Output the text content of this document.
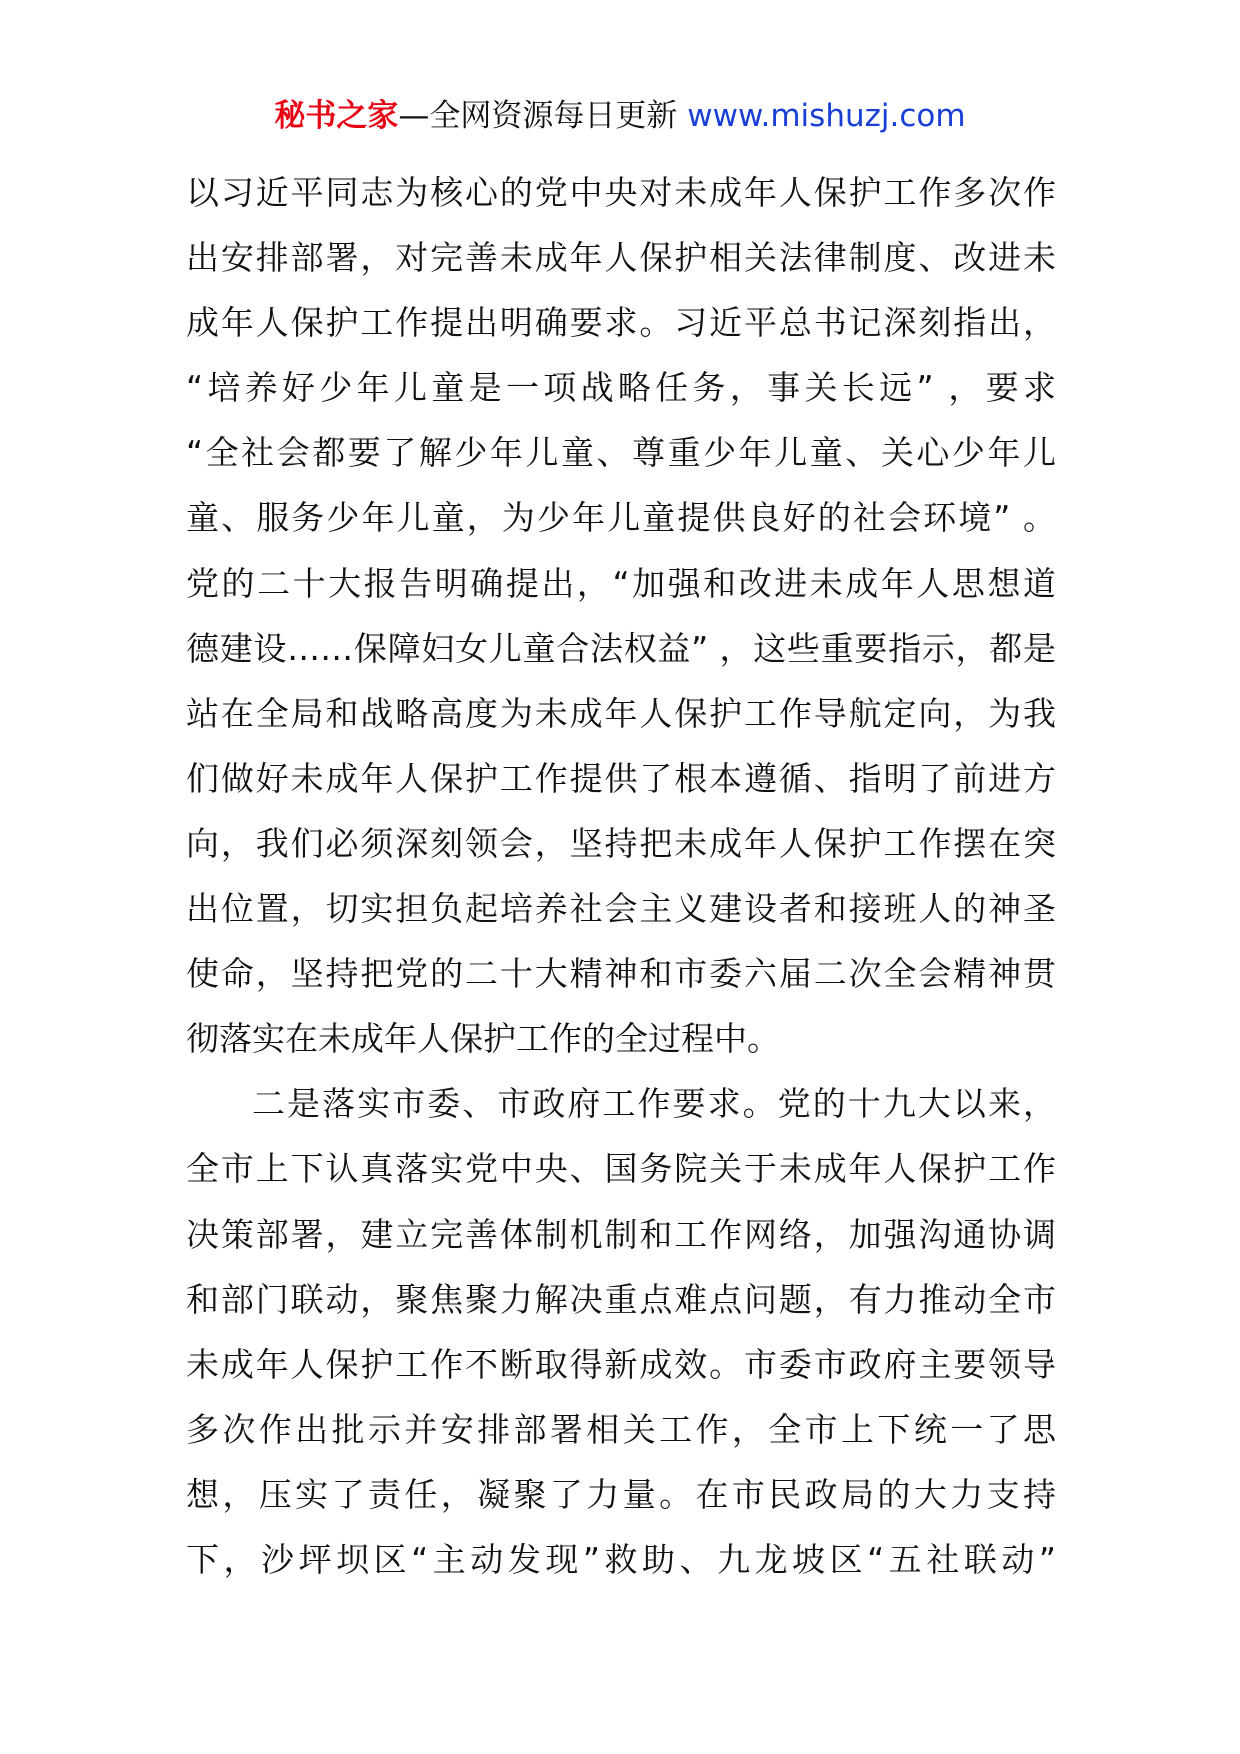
秘书之家—全网资源每日更新 www.mishuzj.com
以习近平同志为核心的党中央对未成年人保护工作多次作
出安排部署，对完善未成年人保护相关法律制度、改进未
成年人保护工作提出明确要求。习近平总书记深刻指出，
“培养好少年儿童是一项战略任务，事关长远” ，要求
“全社会都要了解少年儿童、尊重少年儿童、关心少年儿
童、服务少年儿童，为少年儿童提供良好的社会环境” 。
党的二十大报告明确提出，“加强和改进未成年人思想道
德建设……保障妇女儿童合法权益” ，这些重要指示，都是
站在全局和战略高度为未成年人保护工作导航定向，为我
们做好未成年人保护工作提供了根本遵循、指明了前进方
向，我们必须深刻领会，坚持把未成年人保护工作摆在突
出位置，切实担负起培养社会主义建设者和接班人的神圣
使命，坚持把党的二十大精神和市委六届二次全会精神贯
彻落实在未成年人保护工作的全过程中。
二是落实市委、市政府工作要求。党的十九大以来，
全市上下认真落实党中央、国务院关于未成年人保护工作
决策部署，建立完善体制机制和工作网络，加强沟通协调
和部门联动，聚焦聚力解决重点难点问题，有力推动全市
未成年人保护工作不断取得新成效。市委市政府主要领导
多次作出批示并安排部署相关工作，全市上下统一了思
想，压实了责任，凝聚了力量。在市民政局的大力支持
下，沙坪坝区“主动发现”救助、九龙坡区“五社联动”
